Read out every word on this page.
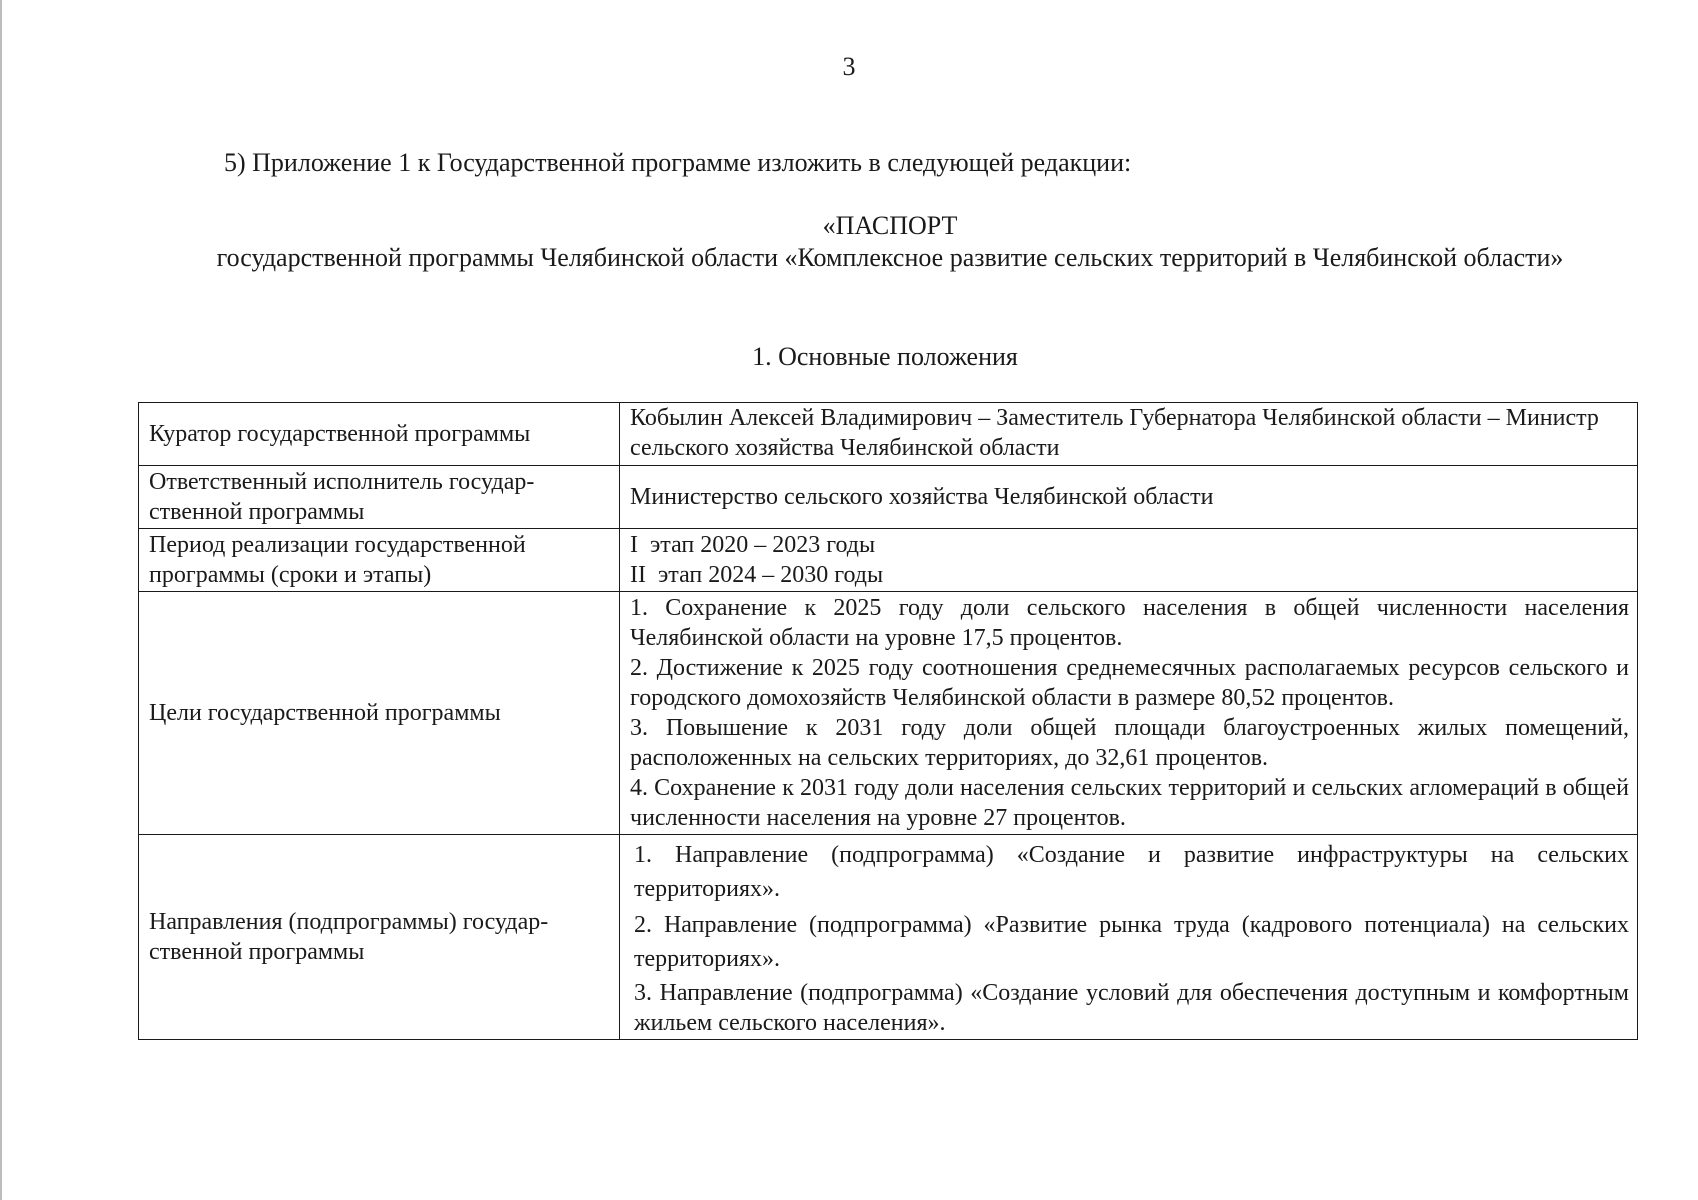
3
5) Приложение 1 к Государственной программе изложить в следующей редакции:
«ПАСПОРТ
государственной программы Челябинской области «Комплексное развитие сельских территорий в Челябинской области»
1. Основные положения
Куратор государственной программы	Кобылин Алексей Владимирович – Заместитель Губернатора Челябинской области – Министр сельского хозяйства Челябинской области
Ответственный исполнитель государ-ственной программы	Министерство сельского хозяйства Челябинской области
Период реализации государственной программы (сроки и этапы)	I  этап 2020 – 2023 годы
II  этап 2024 – 2030 годы

Цели государственной программы	1. Сохранение к 2025 году доли сельского населения в общей численности населения Челябинской области на уровне 17,5 процентов.
2. Достижение к 2025 году соотношения среднемесячных располагаемых ресурсов сельского и городского домохозяйств Челябинской области в размере 80,52 процентов.
3. Повышение к 2031 году доли общей площади благоустроенных жилых помещений, расположенных на сельских территориях, до 32,61 процентов.
4. Сохранение к 2031 году доли населения сельских территорий и сельских агломераций в общей численности населения на уровне 27 процентов.

Направления (подпрограммы) государ-ственной программы	1. Направление (подпрограмма) «Создание и развитие инфраструктуры на сельских территориях».
2. Направление (подпрограмма) «Развитие рынка труда (кадрового потенциала) на сельских территориях».
3. Направление (подпрограмма) «Создание условий для обеспечения доступным и комфортным жильем сельского населения».
